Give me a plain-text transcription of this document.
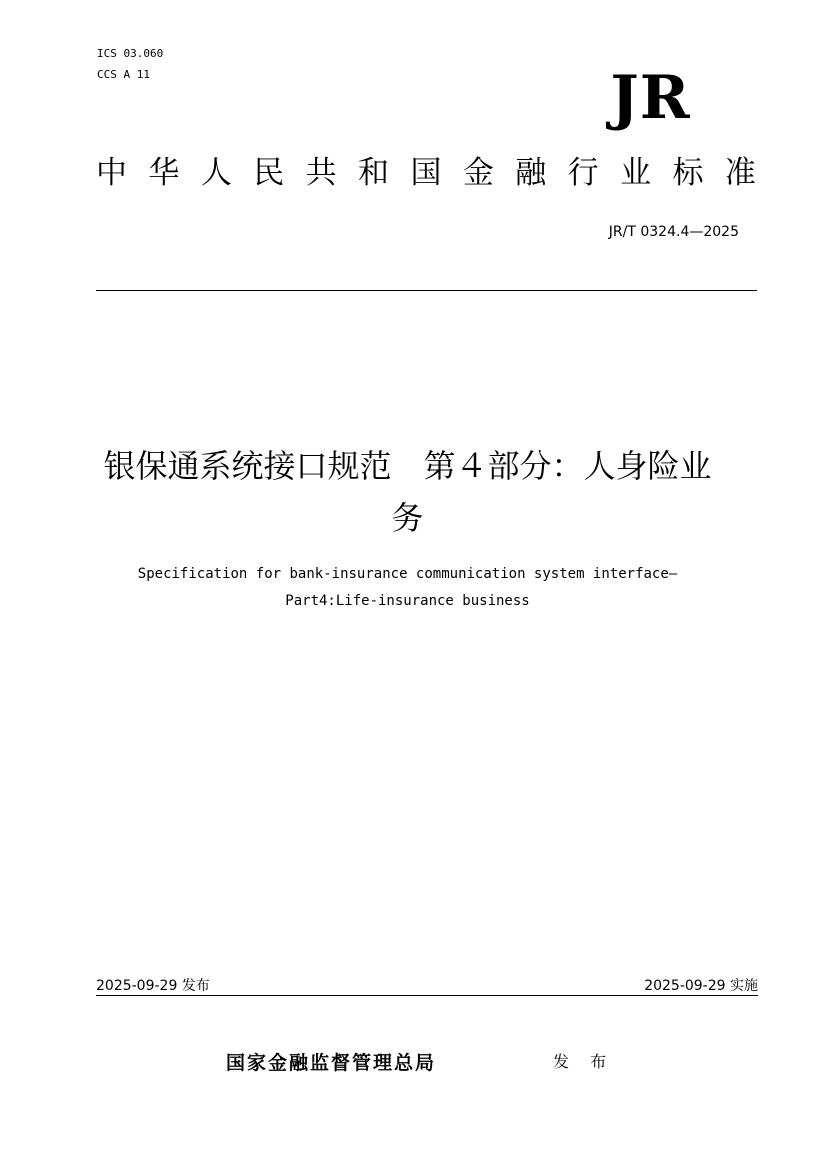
ICS 03.060
CCS A 11	JR
中 华 人 民 共 和 国 金 融 行 业 标 准
JR/T 0324.4—2025
银保通系统接口规范　第４部分：人身险业
务
Specification for bank-insurance communication system interface—
Part4:Life-insurance business
2025-09-29 发布	2025-09-29 实施
国家金融监督管理总局	发 布
